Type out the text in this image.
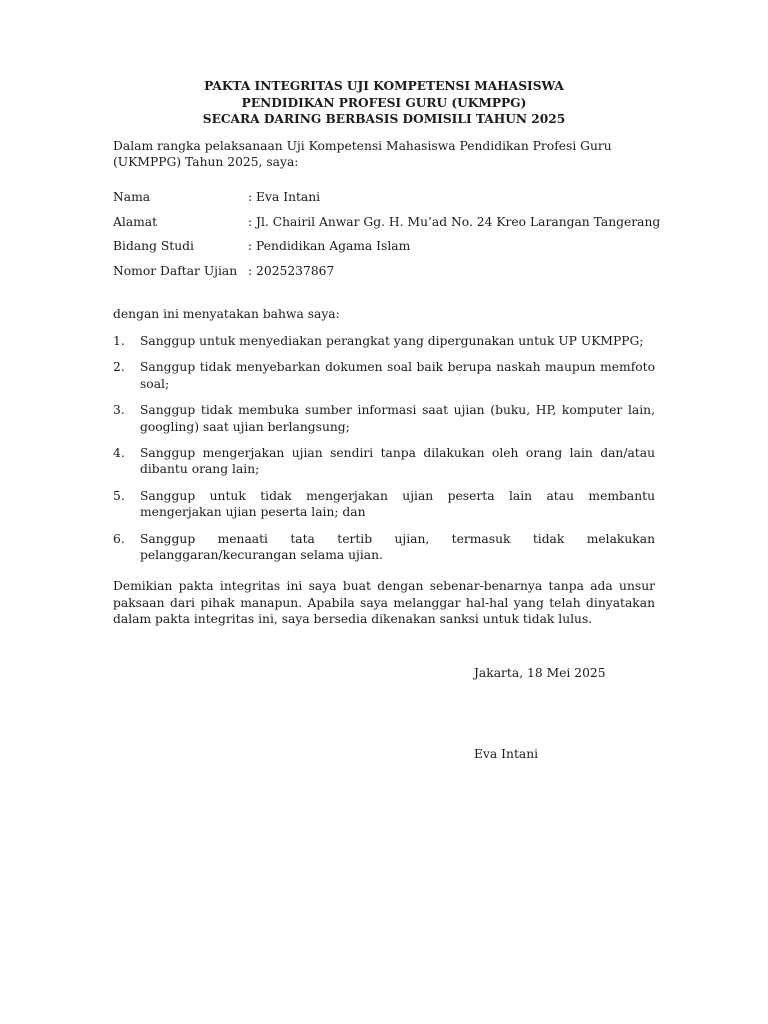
PAKTA INTEGRITAS UJI KOMPETENSI MAHASISWA
PENDIDIKAN PROFESI GURU (UKMPPG)
SECARA DARING BERBASIS DOMISILI TAHUN 2025
Dalam rangka pelaksanaan Uji Kompetensi Mahasiswa Pendidikan Profesi Guru (UKMPPG) Tahun 2025, saya:
Nama	: Eva Intani
Alamat	: Jl. Chairil Anwar Gg. H. Mu’ad No. 24 Kreo Larangan Tangerang
Bidang Studi	: Pendidikan Agama Islam
Nomor Daftar Ujian : 2025237867
dengan ini menyatakan bahwa saya:
1. Sanggup untuk menyediakan perangkat yang dipergunakan untuk UP UKMPPG;
2. Sanggup tidak menyebarkan dokumen soal baik berupa naskah maupun memfoto soal;
3. Sanggup tidak membuka sumber informasi saat ujian (buku, HP, komputer lain, googling) saat ujian berlangsung;
4. Sanggup mengerjakan ujian sendiri tanpa dilakukan oleh orang lain dan/atau dibantu orang lain;
5. Sanggup untuk tidak mengerjakan ujian peserta lain atau membantu mengerjakan ujian peserta lain; dan
6. Sanggup menaati tata tertib ujian, termasuk tidak melakukan pelanggaran/kecurangan selama ujian.
Demikian pakta integritas ini saya buat dengan sebenar-benarnya tanpa ada unsur paksaan dari pihak manapun. Apabila saya melanggar hal-hal yang telah dinyatakan dalam pakta integritas ini, saya bersedia dikenakan sanksi untuk tidak lulus.
Jakarta, 18 Mei 2025
Eva Intani
